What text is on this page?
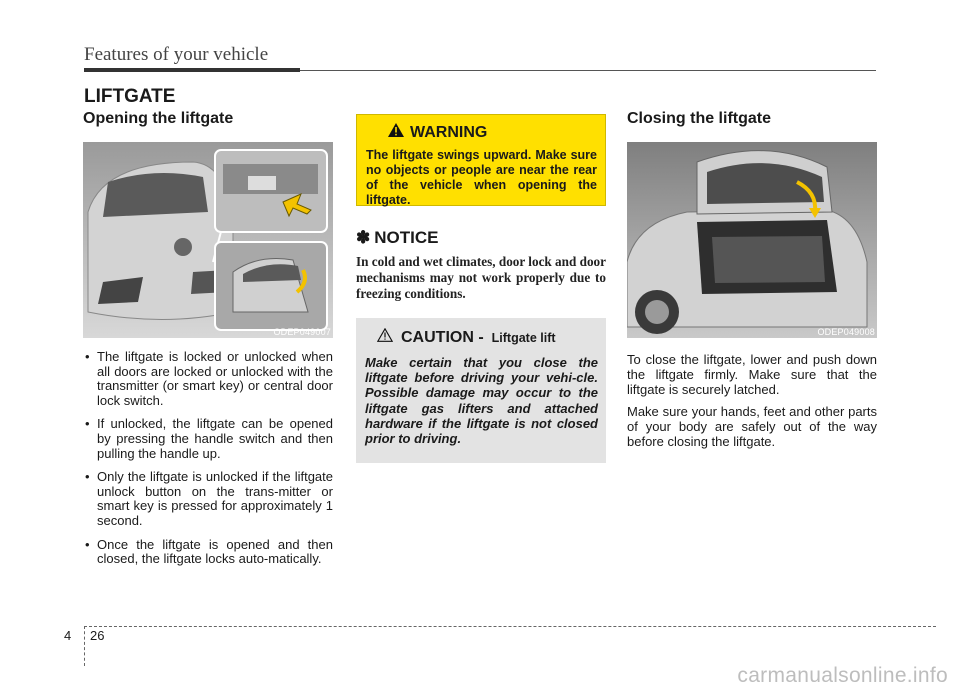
Features of your vehicle
LIFTGATE
Opening the liftgate
ODEP049007
• The liftgate is locked or unlocked when all doors are locked or unlocked with the transmitter (or smart key) or central door lock switch.
• If unlocked, the liftgate can be opened by pressing the handle switch and then pulling the handle up.
• Only the liftgate is unlocked if the liftgate unlock button on the trans-mitter or smart key is pressed for approximately 1 second.
• Once the liftgate is opened and then closed, the liftgate locks auto-matically.
WARNING
The liftgate swings upward. Make sure no objects or people are near the rear of the vehicle when opening the liftgate.
✽ NOTICE
In cold and wet climates, door lock and door mechanisms may not work properly due to freezing conditions.
CAUTION - Liftgate lift
Make certain that you close the liftgate before driving your vehi-cle. Possible damage may occur to the liftgate gas lifters and attached hardware if the liftgate is not closed prior to driving.
Closing the liftgate
ODEP049008
To close the liftgate, lower and push down the liftgate firmly. Make sure that the liftgate is securely latched.
Make sure your hands, feet and other parts of your body are safely out of the way before closing the liftgate.
4 26
carmanualsonline.info
